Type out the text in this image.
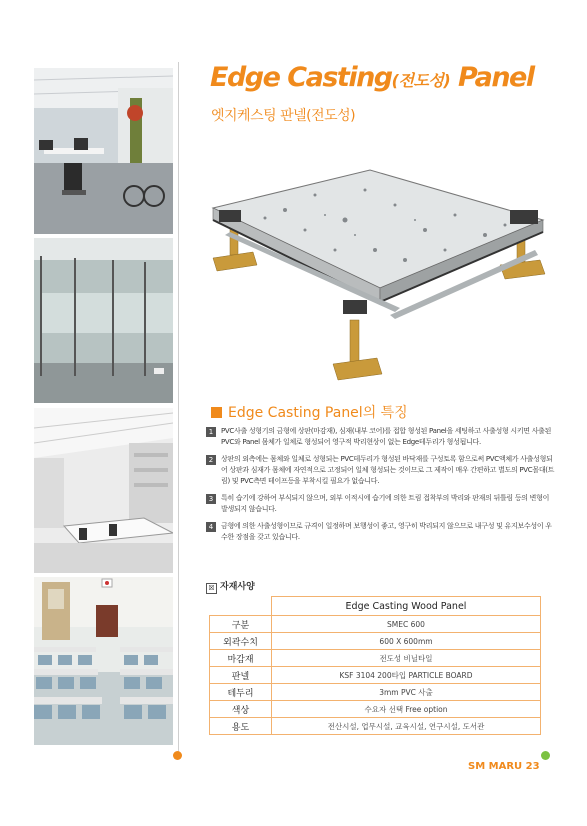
Edge Casting(전도성) Panel
엣지케스팅 판넬(전도성)
Edge Casting Panel의 특징
1	PVC사출 성형기의 금형에 상판(마감재), 심재(내부 코어)를 접합 형성된 Panel을 세팅하고 사출성형 시키면 사출된 PVC와 Panel 몸체가 일체로 형성되어 영구적 박리현상이 없는 Edge테두리가 형성됩니다.
2	상판의 외측에는 몸체와 일체로 성형되는 PVC테두리가 형성된 바닥재를 구성토록 함으로써 PVC액체가 사출성형되어 상판과 심재가 몸체에 자연적으로 고정되어 일체 형성되는 것이므로 그 제작이 매우 간편하고 별도의 PVC몰대(트림) 및 PVC측면 테이프등을 부착시킬 필요가 없습니다.
3	특히 습기에 강하여 부식되지 않으며, 외부 이적시에 습기에 의한 트림 접착부의 박리와 판재의 뒤틀림 등의 변형이 발생되지 않습니다.
4	금형에 의한 사출성형이므로 규격이 일정하며 보행성이 좋고, 영구히 박리되지 않으므로 내구성 및 유지보수성이 우수한 장점을 갖고 있습니다.
☒ 자재사양
	Edge Casting Wood Panel
구분	SMEC 600
외곽수치	600 X 600mm
마감재	전도성 비닐타일
판넬	KSF 3104 200타입 PARTICLE BOARD
테두리	3mm PVC 사출
색상	수요자 선택 Free option
용도	전산시설, 업무시설, 교육시설, 연구시설, 도서관
SM MARU 23
